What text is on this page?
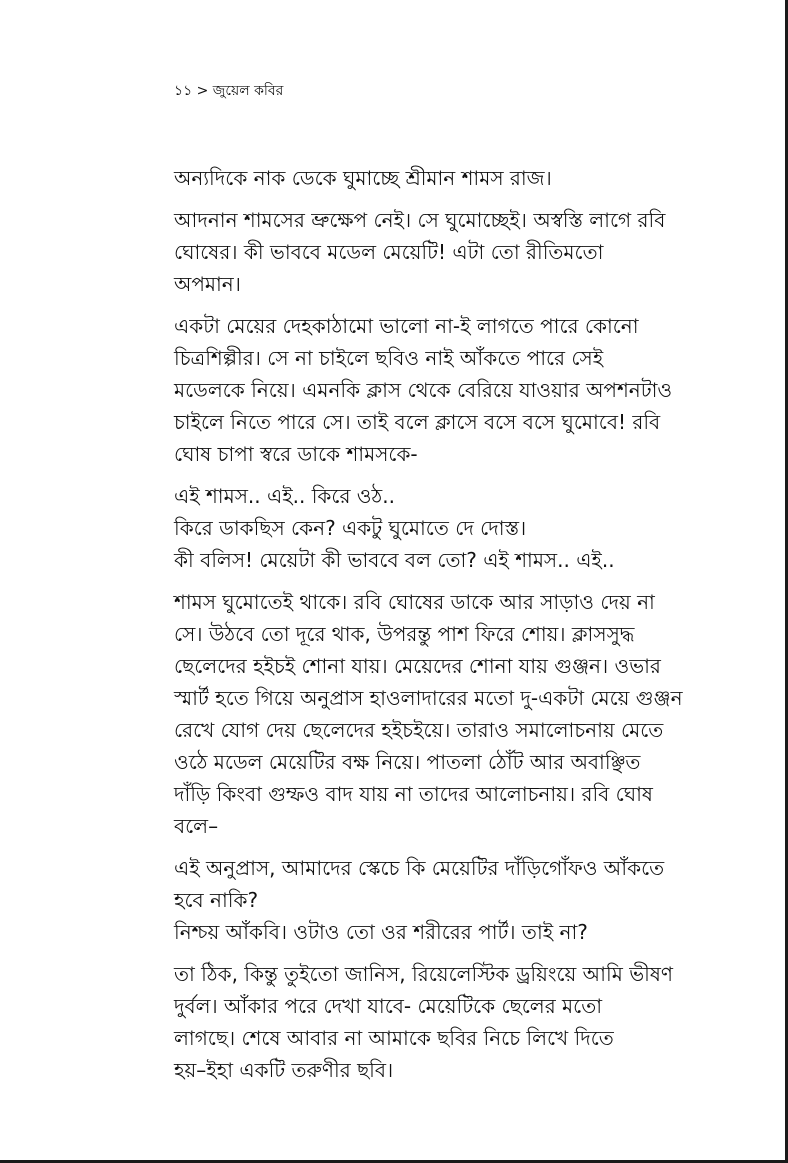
১১ > জুয়েল কবির

অন্যদিকে নাক ডেকে ঘুমাচ্ছে শ্রীমান শামস রাজ।

আদনান শামসের ভ্রুক্ষেপ নেই। সে ঘুমোচ্ছেই। অস্বস্তি লাগে রবি
ঘোষের। কী ভাববে মডেল মেয়েটি! এটা তো রীতিমতো
অপমান।

একটা মেয়ের দেহকাঠামো ভালো না-ই লাগতে পারে কোনো
চিত্রশিল্পীর। সে না চাইলে ছবিও নাই আঁকতে পারে সেই
মডেলকে নিয়ে। এমনকি ক্লাস থেকে বেরিয়ে যাওয়ার অপশনটাও
চাইলে নিতে পারে সে। তাই বলে ক্লাসে বসে বসে ঘুমোবে! রবি
ঘোষ চাপা স্বরে ডাকে শামসকে-

এই শামস.. এই.. কিরে ওঠ..
কিরে ডাকছিস কেন? একটু ঘুমোতে দে দোস্ত।
কী বলিস! মেয়েটা কী ভাববে বল তো? এই শামস.. এই..

শামস ঘুমোতেই থাকে। রবি ঘোষের ডাকে আর সাড়াও দেয় না
সে। উঠবে তো দূরে থাক, উপরন্তু পাশ ফিরে শোয়। ক্লাসসুদ্ধ
ছেলেদের হইচই শোনা যায়। মেয়েদের শোনা যায় গুঞ্জন। ওভার
স্মার্ট হতে গিয়ে অনুপ্রাস হাওলাদারের মতো দু-একটা মেয়ে গুঞ্জন
রেখে যোগ দেয় ছেলেদের হইচইয়ে। তারাও সমালোচনায় মেতে
ওঠে মডেল মেয়েটির বক্ষ নিয়ে। পাতলা ঠোঁট আর অবাঞ্ছিত
দাঁড়ি কিংবা গুম্ফও বাদ যায় না তাদের আলোচনায়। রবি ঘোষ
বলে–

এই অনুপ্রাস, আমাদের স্কেচে কি মেয়েটির দাঁড়িগোঁফও আঁকতে
হবে নাকি?
নিশ্চয় আঁকবি। ওটাও তো ওর শরীরের পার্ট। তাই না?

তা ঠিক, কিন্তু তুইতো জানিস, রিয়েলেস্টিক ড্রয়িংয়ে আমি ভীষণ
দুর্বল। আঁকার পরে দেখা যাবে- মেয়েটিকে ছেলের মতো
লাগছে। শেষে আবার না আমাকে ছবির নিচে লিখে দিতে
হয়–ইহা একটি তরুণীর ছবি।
